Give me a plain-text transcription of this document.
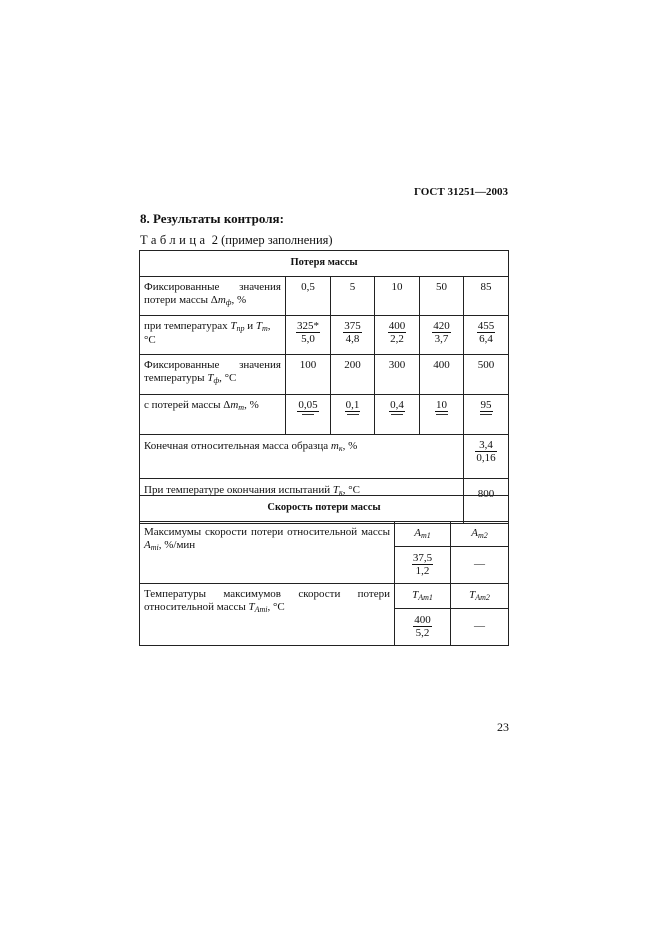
ГОСТ 31251—2003
8. Результаты контроля:
Таблица 2 (пример заполнения)
Потеря массы					
Фиксированные значения потери массы $\Delta m_ф$, %	0,5	5	10	50	85
при температурах $T_{пр}$ и $T_m$, °С	$\frac{325*}{5,0}$	$\frac{375}{4,8}$	$\frac{400}{2,2}$	$\frac{420}{3,7}$	$\frac{455}{6,4}$

Фиксированные значения температуры $T_ф$, °С	100	200	300	400	500
с потерей массы $\Delta m_т$, %	0,05	0,1	0,4	10	95

Конечная относительная масса образца $m_к$, %					$\frac{3,4}{0,16}$

При температуре окончания испытаний $T_к$, °С					800
Скорость потери массы		
Максимумы скорости потери относительной массы $A_{mi}$, %/мин	$A_{m1}$	$A_{m2}$

	$\frac{37,5}{1,2}$	—
Температуры максимумов скорости потери относительной массы $T_{Ami}$, °С	$T_{Am1}$	$T_{Am2}$

	$\frac{400}{5,2}$	—
23
